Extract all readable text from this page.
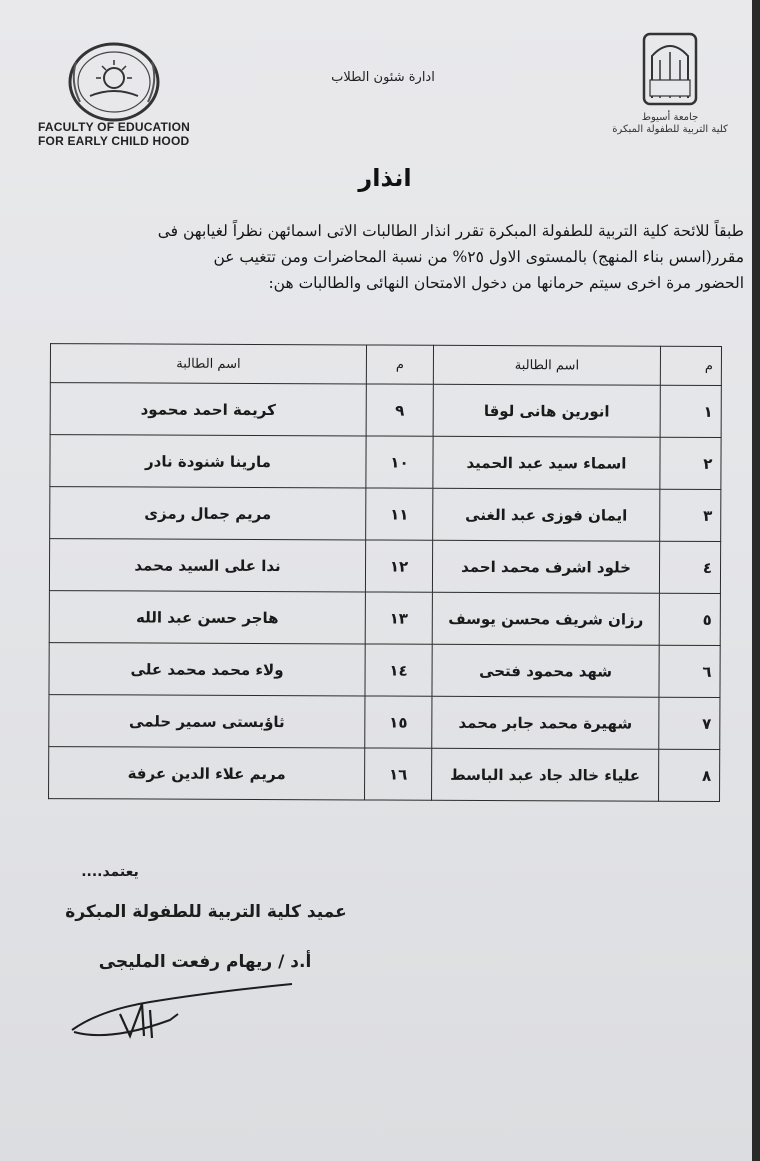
FACULTY OF EDUCATION
FOR EARLY CHILD HOOD
ادارة شئون الطلاب
جامعة أسيوط
كلية التربية للطفولة المبكرة
انذار
طبقاً للائحة كلية التربية للطفولة المبكرة تقرر انذار الطالبات الاتى اسمائهن نظراً لغيابهن فى
مقرر(اسس بناء المنهج) بالمستوى الاول ٢٥% من نسبة المحاضرات ومن تتغيب عن
الحضور مرة اخرى سيتم حرمانها من دخول الامتحان النهائى والطالبات هن:
م	اسم الطالبة	م	اسم الطالبة
١	انورين هانى لوقا	٩	كريمة احمد محمود
٢	اسماء سيد عبد الحميد	١٠	مارينا شنودة نادر
٣	ايمان فوزى عبد الغنى	١١	مريم جمال رمزى
٤	خلود اشرف محمد احمد	١٢	ندا على السيد محمد
٥	رزان شريف محسن يوسف	١٣	هاجر حسن عبد الله
٦	شهد محمود فتحى	١٤	ولاء محمد محمد على
٧	شهيرة محمد جابر محمد	١٥	ثاؤبستى سمير حلمى
٨	علياء خالد جاد عبد الباسط	١٦	مريم علاء الدين عرفة
يعتمد....
عميد كلية التربية للطفولة المبكرة
أ.د / ريهام رفعت المليجى
